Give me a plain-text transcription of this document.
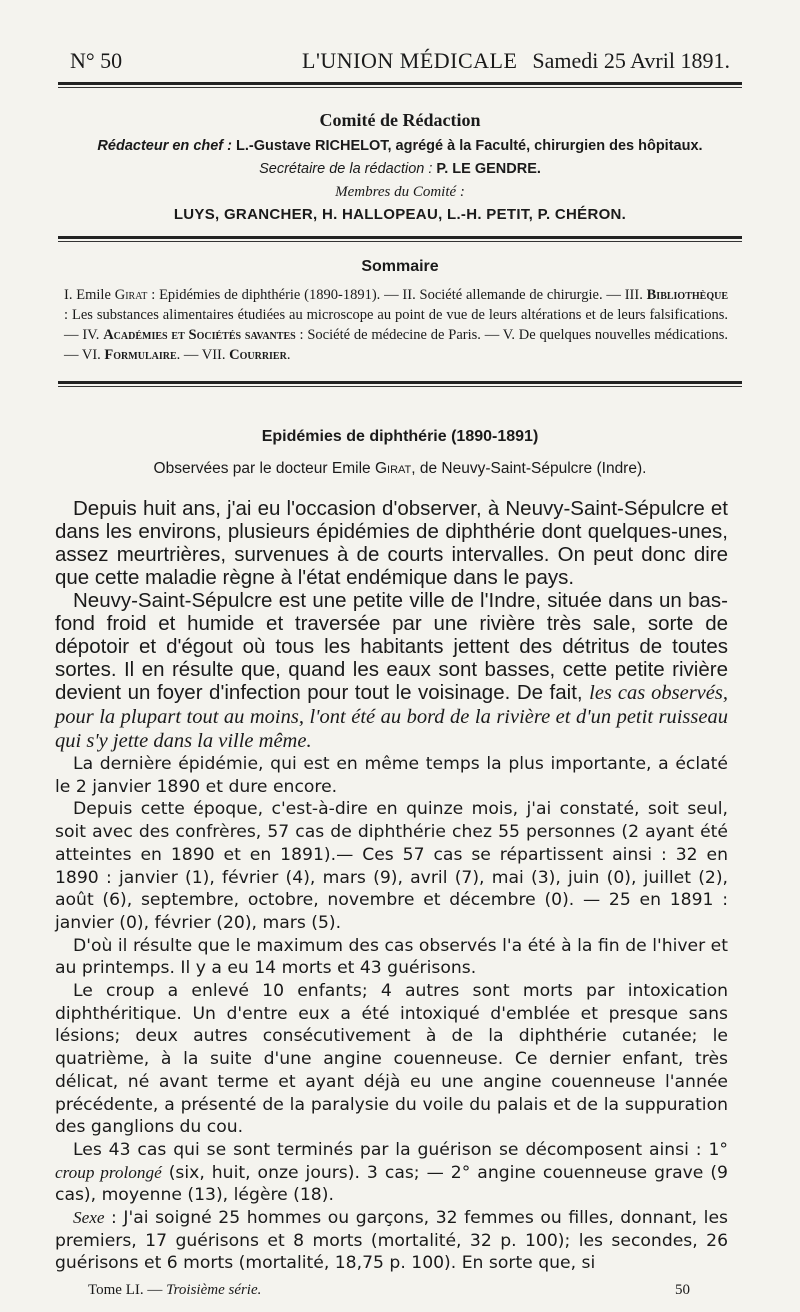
N° 50	L'UNION MÉDICALE Samedi 25 Avril 1891.
Comité de Rédaction
Rédacteur en chef : L.-Gustave RICHELOT, agrégé à la Faculté, chirurgien des hôpitaux.
Secrétaire de la rédaction : P. LE GENDRE.
Membres du Comité :
LUYS, GRANCHER, H. HALLOPEAU, L.-H. PETIT, P. CHÉRON.
Sommaire
I. Emile Girat : Epidémies de diphthérie (1890-1891). — II. Société allemande de chirurgie. — III. Bibliothèque : Les substances alimentaires étudiées au microscope au point de vue de leurs altérations et de leurs falsifications. — IV. Académies et Sociétés savantes : Société de médecine de Paris. — V. De quelques nouvelles médications. — VI. Formulaire. — VII. Courrier.
Epidémies de diphthérie (1890-1891)
Observées par le docteur Emile Girat, de Neuvy-Saint-Sépulcre (Indre).

Depuis huit ans, j'ai eu l'occasion d'observer, à Neuvy-Saint-Sépulcre et dans les environs, plusieurs épidémies de diphthérie dont quelques-unes, assez meurtrières, survenues à de courts intervalles. On peut donc dire que cette maladie règne à l'état endémique dans le pays.

Neuvy-Saint-Sépulcre est une petite ville de l'Indre, située dans un bas-fond froid et humide et traversée par une rivière très sale, sorte de dépotoir et d'égout où tous les habitants jettent des détritus de toutes sortes. Il en résulte que, quand les eaux sont basses, cette petite rivière devient un foyer d'infection pour tout le voisinage. De fait, les cas observés, pour la plupart tout au moins, l'ont été au bord de la rivière et d'un petit ruisseau qui s'y jette dans la ville même.

La dernière épidémie, qui est en même temps la plus importante, a éclaté le 2 janvier 1890 et dure encore.

Depuis cette époque, c'est-à-dire en quinze mois, j'ai constaté, soit seul, soit avec des confrères, 57 cas de diphthérie chez 55 personnes (2 ayant été atteintes en 1890 et en 1891).— Ces 57 cas se répartissent ainsi : 32 en 1890 : janvier (1), février (4), mars (9), avril (7), mai (3), juin (0), juillet (2), août (6), septembre, octobre, novembre et décembre (0). — 25 en 1891 : janvier (0), février (20), mars (5).

D'où il résulte que le maximum des cas observés l'a été à la fin de l'hiver et au printemps. Il y a eu 14 morts et 43 guérisons.

Le croup a enlevé 10 enfants; 4 autres sont morts par intoxication diphthéritique. Un d'entre eux a été intoxiqué d'emblée et presque sans lésions; deux autres consécutivement à de la diphthérie cutanée; le quatrième, à la suite d'une angine couenneuse. Ce dernier enfant, très délicat, né avant terme et ayant déjà eu une angine couenneuse l'année précédente, a présenté de la paralysie du voile du palais et de la suppuration des ganglions du cou.

Les 43 cas qui se sont terminés par la guérison se décomposent ainsi : 1° croup prolongé (six, huit, onze jours). 3 cas; — 2° angine couenneuse grave (9 cas), moyenne (13), légère (18).

Sexe : J'ai soigné 25 hommes ou garçons, 32 femmes ou filles, donnant, les premiers, 17 guérisons et 8 morts (mortalité, 32 p. 100); les secondes, 26 guérisons et 6 morts (mortalité, 18,75 p. 100). En sorte que, si

Tome LI. — Troisième série.	50
